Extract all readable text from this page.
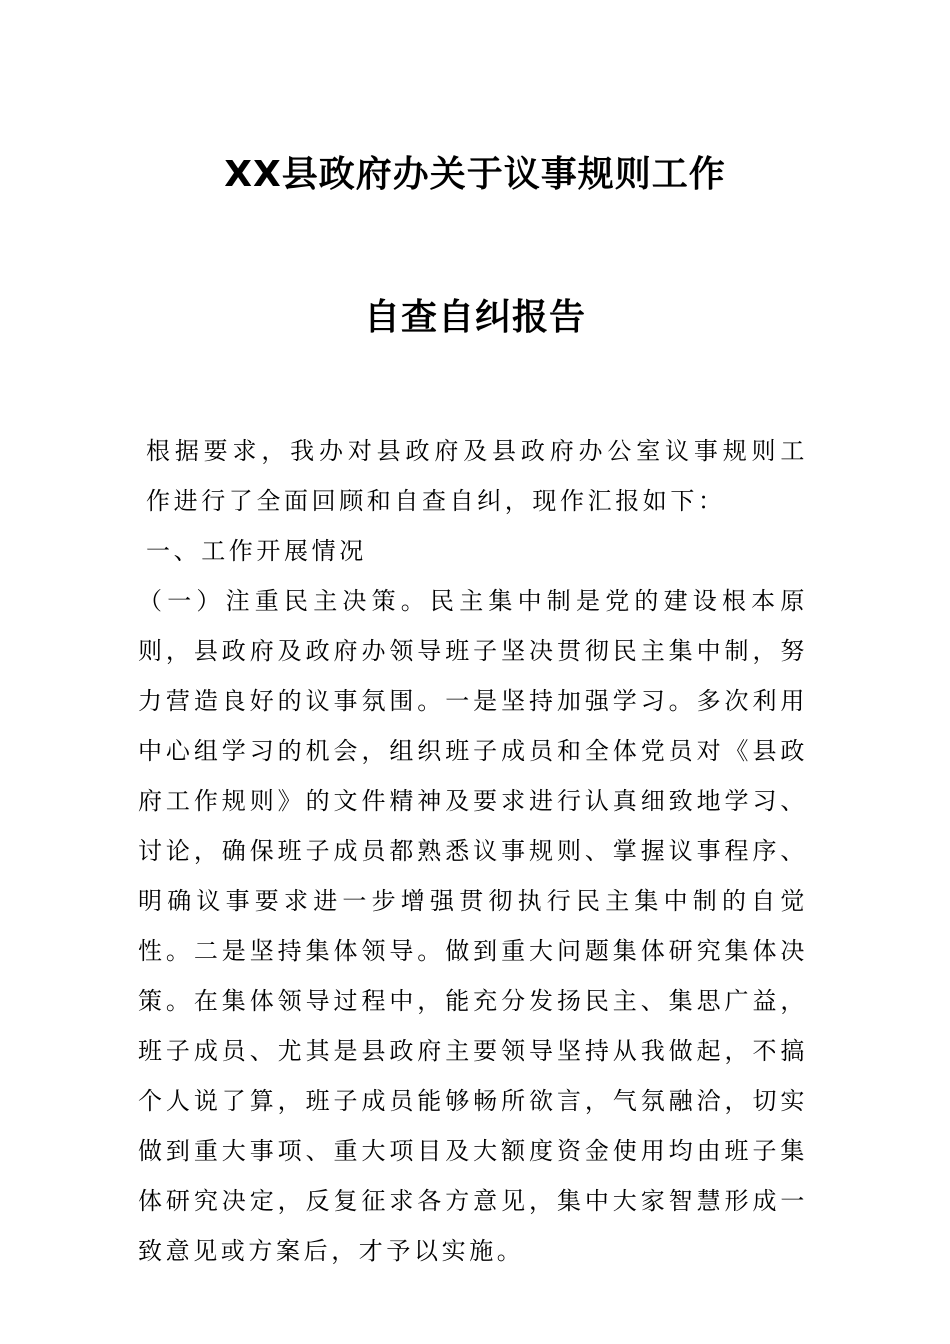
XX县政府办关于议事规则工作
自查自纠报告

根据要求，我办对县政府及县政府办公室议事规则工作进行了全面回顾和自查自纠，现作汇报如下：

一、工作开展情况

（一）注重民主决策。民主集中制是党的建设根本原则，县政府及政府办领导班子坚决贯彻民主集中制，努力营造良好的议事氛围。一是坚持加强学习。多次利用中心组学习的机会，组织班子成员和全体党员对《县政府工作规则》的文件精神及要求进行认真细致地学习、讨论，确保班子成员都熟悉议事规则、掌握议事程序、明确议事要求进一步增强贯彻执行民主集中制的自觉性。二是坚持集体领导。做到重大问题集体研究集体决策。在集体领导过程中，能充分发扬民主、集思广益，班子成员、尤其是县政府主要领导坚持从我做起，不搞个人说了算，班子成员能够畅所欲言，气氛融洽，切实做到重大事项、重大项目及大额度资金使用均由班子集体研究决定，反复征求各方意见，集中大家智慧形成一致意见或方案后，才予以实施。
